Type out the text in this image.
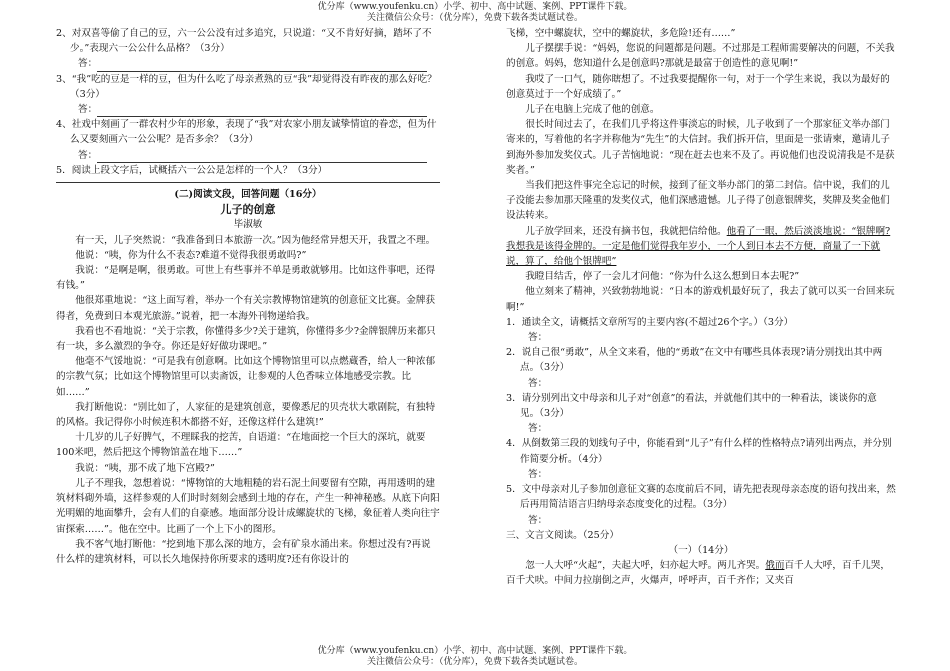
优分库（www.youfenku.cn）小学、初中、高中试题、案例、PPT课件下载。
关注微信公众号：（优分库），免费下载各类试题试卷。

2、对双喜等偷了自己的豆，六一公公没有过多追究，只说道：“又不肯好好摘，踏坏了不少。”表现六一公公什么品格？（3分）

答：

3、“我”吃的豆是一样的豆，但为什么吃了母亲煮熟的豆“我”却觉得没有昨夜的那么好吃？（3分）

答：

4、社戏中刻画了一群农村少年的形象，表现了“我”对农家小朋友诚挚情谊的眷恋，但为什么又要刻画六一公公呢？是否多余？（3分）

答：

5．阅读上段文字后，试概括六一公公是怎样的一个人？（3分）

(二)阅读文段，回答问题（16分）

儿子的创意

毕淑敏

有一天，儿子突然说：“我准备到日本旅游一次。”因为他经常异想天开，我置之不理。

他说：“咦，你为什么不表态?难道不觉得我很勇敢吗?”

我说：“是啊是啊，很勇敢。可世上有些事并不单是勇敢就够用。比如这件事吧，还得有钱。”

他很郑重地说：“这上面写着，举办一个有关宗教博物馆建筑的创意征文比赛。金牌获得者，免费到日本观光旅游。”说着，把一本海外刊物递给我。

我看也不看地说：“关于宗教，你懂得多少?关于建筑，你懂得多少?金牌银牌历来都只有一块，多么激烈的争夺。你还是好好做功课吧。”

他毫不气馁地说：“可是我有创意啊。比如这个博物馆里可以点燃蔵香，给人一种浓郁的宗教气氛；比如这个博物馆里可以卖斋饭，让参观的人色香味立体地感受宗教。比如……”

我打断他说：“别比如了，人家征的是建筑创意，要像悉尼的贝壳状大歌剧院，有独特的风格。我记得你小时候连积木都搭不好，还像这样什么建筑!”

十几岁的儿子好脾气，不理睬我的挖苦，自语道：“在地面挖一个巨大的深坑，就要100米吧，然后把这个博物馆盖在地下……”

我说：“咦，那不成了地下宫殿?”

儿子不理我，忽想着说：“博物馆的大地粗糙的岩石泥土间要留有空隙，再用透明的建筑材料砌外墙，这样参观的人们时时刻刻会感到土地的存在，产生一种神秘感。从底下向阳光明媚的地面攀升，会有人们的自豪感。地面部分设计成螺旋状的飞梯，象征着人类向往宇宙探索……”。他在空中。比画了一个上下小的图形。

我不客气地打断他：“挖到地下那么深的地方，会有矿泉水涌出来。你想过没有?再说什么样的建筑材料，可以长久地保持你所要求的透明度?还有你设计的

飞梯，空中螺旋状，空中的螺旋状，多危险!还有……”

儿子摆摆手说：“妈妈，您说的问题都是问题。不过那是工程师需要解决的问题，不关我的创意。妈妈，您知道什么是创意吗?那就是最富于创造性的意见啊!”

我哎了一口气，随你瞎想了。不过我要提醒你一句，对于一个学生来说，我以为最好的创意莫过于一个好成绩了。”

儿子在电脑上完成了他的创意。

很长时间过去了，在我们几乎将这件事淡忘的时候，儿子收到了一个那家征文举办部门寄来的，写着他的名字并称他为“先生”的大信封。我们拆开信，里面是一张请柬，邀请儿子到海外参加发奖仪式。儿子苦恼地说：“现在赶去也来不及了。再说他们也没说清我是不是获奖者。”

当我们把这件事完全忘记的时候，接到了征文举办部门的第二封信。信中说，我们的儿子没能去参加那天隆重的发奖仪式，他们深感遗憾。儿子得了创意银牌奖，奖牌及奖金他们设法转来。

儿子放学回来，还没有摘书包，我就把信给他。他看了一眼，然后淡淡地说：“银牌啊?我想我是该得金牌的。一定是他们觉得我年岁小，一个人到日本去不方便，商量了一下就说，算了，给他个银牌吧”

我瞪目结舌，停了一会儿才问他：“你为什么这么想到日本去呢?”

他立刻来了精神，兴致勃勃地说：“日本的游戏机最好玩了，我去了就可以买一台回来玩啊!”

1．通读全文，请概括文章所写的主要内容(不超过26个字。）（3分）

答：

2．说自己很“勇敢”，从全文来看，他的“勇敢”在文中有哪些具体表现?请分别找出其中两点。（3分）

答：

3．请分别列出文中母亲和儿子对“创意”的看法，并就他们其中的一种看法，谈谈你的意见。（3分）

答：

4．从倒数第三段的划线句子中，你能看到“儿子”有什么样的性格特点?请列出两点，并分别作简要分析。（4分）

答：

5．文中母亲对儿子参加创意征文赛的态度前后不同，请先把表现母亲态度的语句找出来，然后再用简洁语言归纳母亲态度变化的过程。（3分）

答：

三、文言文阅读。（25分）

（一）（14分）

忽一人大呼“火起”，夫起大呼，妇亦起大呼。两儿齐哭。俄而百千人大呼，百千儿哭，百千犬吠。中间力拉崩倒之声，火爆声，呼呼声，百千齐作；又夹百

优分库（www.youfenku.cn）小学、初中、高中试题、案例、PPT课件下载。
关注微信公众号：（优分库），免费下载各类试题试卷。
